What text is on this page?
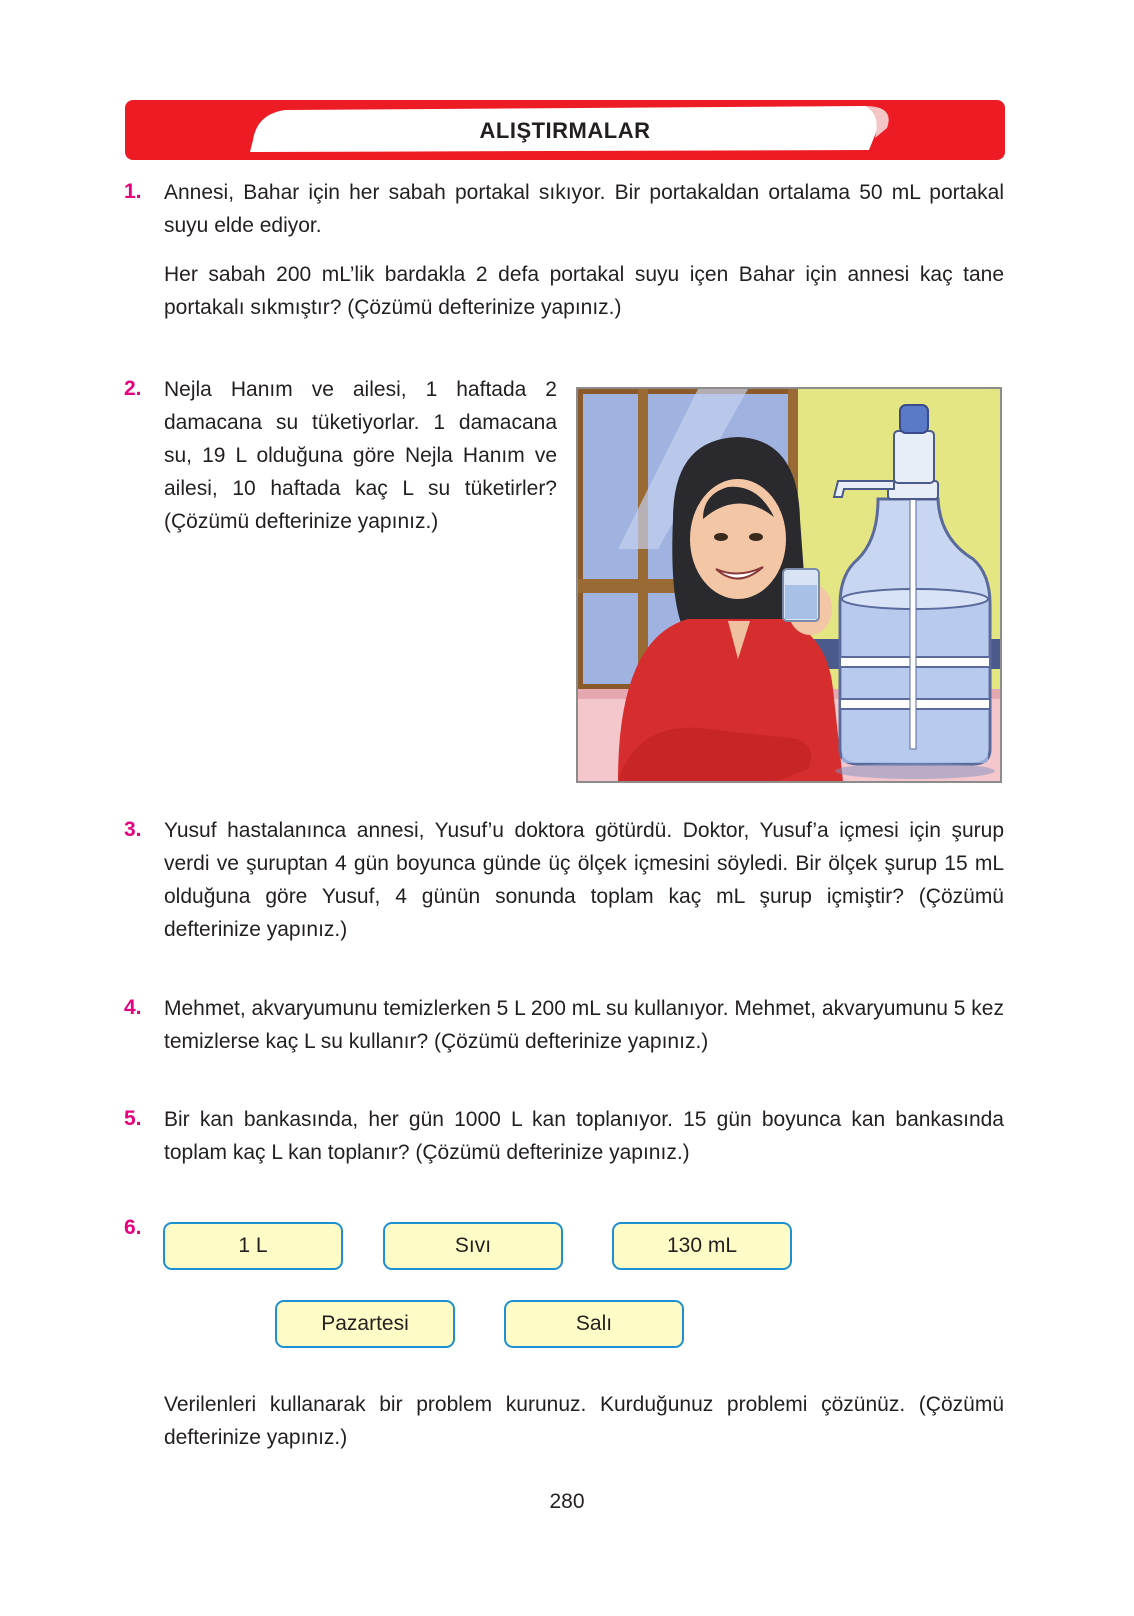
ALIŞTIRMALAR
1. Annesi, Bahar için her sabah portakal sıkıyor. Bir portakaldan ortalama 50 mL portakal suyu elde ediyor.

Her sabah 200 mL’lik bardakla 2 defa portakal suyu içen Bahar için annesi kaç tane portakalı sıkmıştır? (Çözümü defterinize yapınız.)

2. Nejla Hanım ve ailesi, 1 haftada 2 damacana su tüketiyorlar. 1 damacana su, 19 L olduğuna göre Nejla Hanım ve ailesi, 10 haftada kaç L su tüketirler? (Çözümü defterinize yapınız.)

3. Yusuf hastalanınca annesi, Yusuf’u doktora götürdü. Doktor, Yusuf’a içmesi için şurup verdi ve şuruptan 4 gün boyunca günde üç ölçek içmesini söyledi. Bir ölçek şurup 15 mL olduğuna göre Yusuf, 4 günün sonunda toplam kaç mL şurup içmiştir? (Çözümü defterinize yapınız.)

4. Mehmet, akvaryumunu temizlerken 5 L 200 mL su kullanıyor. Mehmet, akvaryumunu 5 kez temizlerse kaç L su kullanır? (Çözümü defterinize yapınız.)

5. Bir kan bankasında, her gün 1000 L kan toplanıyor. 15 gün boyunca kan bankasında toplam kaç L kan toplanır? (Çözümü defterinize yapınız.)

6.
1 L	Sıvı	130 mL
Pazartesi	Salı

Verilenleri kullanarak bir problem kurunuz. Kurduğunuz problemi çözünüz. (Çözümü defterinize yapınız.)

280
